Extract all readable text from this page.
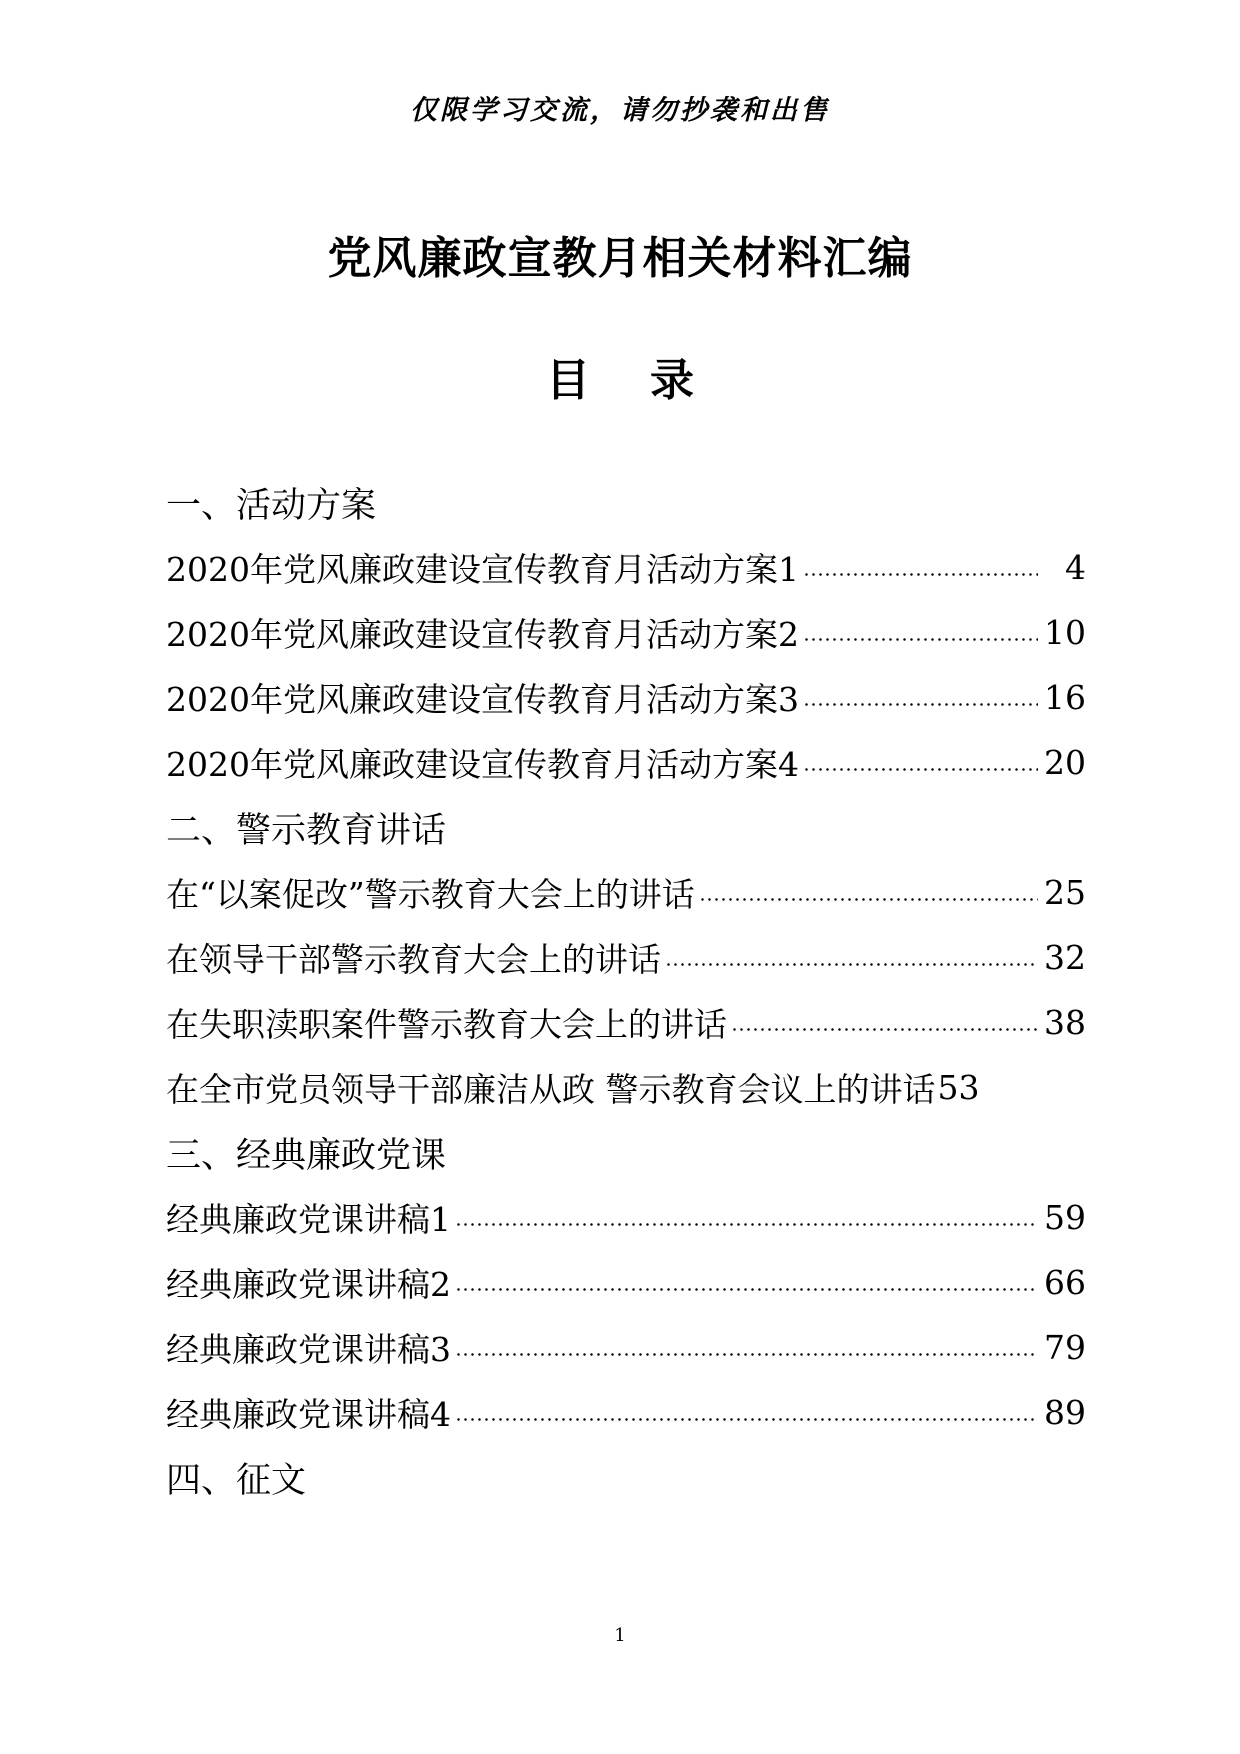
仅限学习交流，请勿抄袭和出售
党风廉政宣教月相关材料汇编
目 录
一、活动方案
2020年党风廉政建设宣传教育月活动方案1	4
2020年党风廉政建设宣传教育月活动方案2	10
2020年党风廉政建设宣传教育月活动方案3	16
2020年党风廉政建设宣传教育月活动方案4	20
二、警示教育讲话
在“以案促改”警示教育大会上的讲话	25
在领导干部警示教育大会上的讲话	32
在失职渎职案件警示教育大会上的讲话	38
在全市党员领导干部廉洁从政 警示教育会议上的讲话 53
三、经典廉政党课
经典廉政党课讲稿1	59
经典廉政党课讲稿2	66
经典廉政党课讲稿3	79
经典廉政党课讲稿4	89
四、征文
1
